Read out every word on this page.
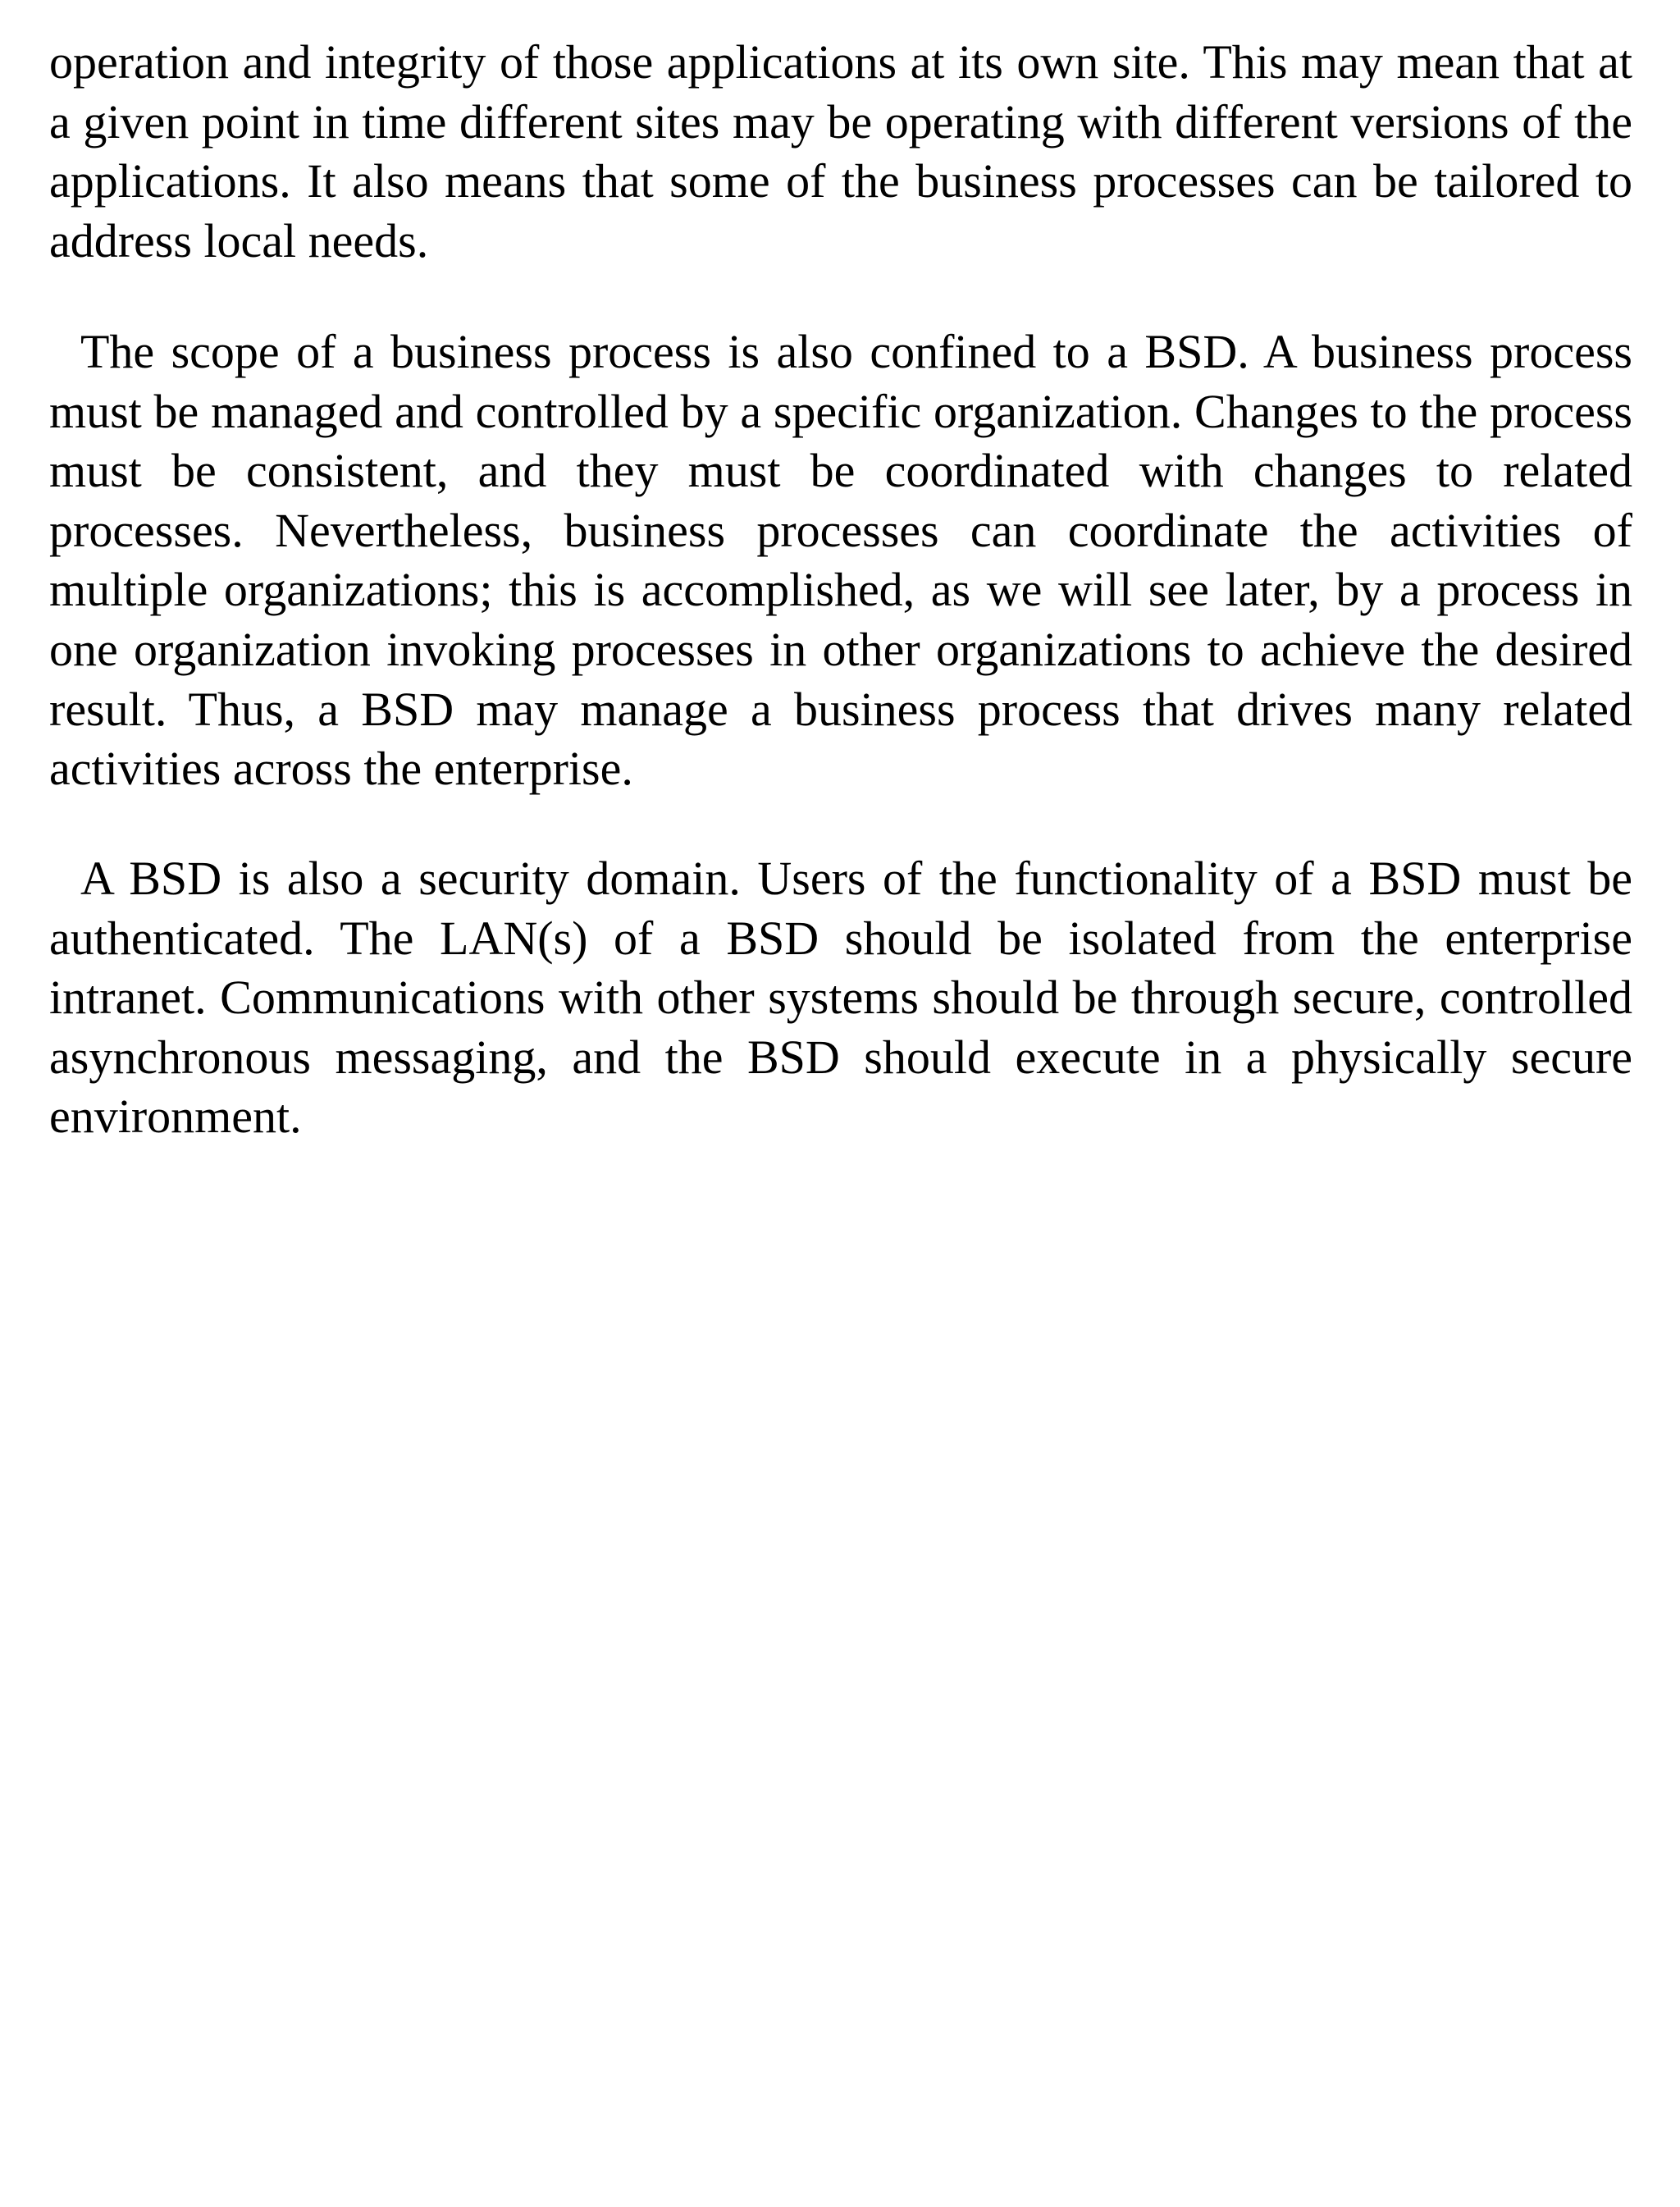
operation and integrity of those applications at its own site. This may mean that at a given point in time different sites may be operating with different versions of the applications. It also means that some of the business processes can be tailored to address local needs.

The scope of a business process is also confined to a BSD. A business process must be managed and controlled by a specific organization. Changes to the process must be consistent, and they must be coordinated with changes to related processes. Nevertheless, business processes can coordinate the activities of multiple organizations; this is accomplished, as we will see later, by a process in one organization invoking processes in other organizations to achieve the desired result. Thus, a BSD may manage a business process that drives many related activities across the enterprise.

A BSD is also a security domain. Users of the functionality of a BSD must be authenticated. The LAN(s) of a BSD should be isolated from the enterprise intranet. Communications with other systems should be through secure, controlled asynchronous messaging, and the BSD should execute in a physically secure environment.
